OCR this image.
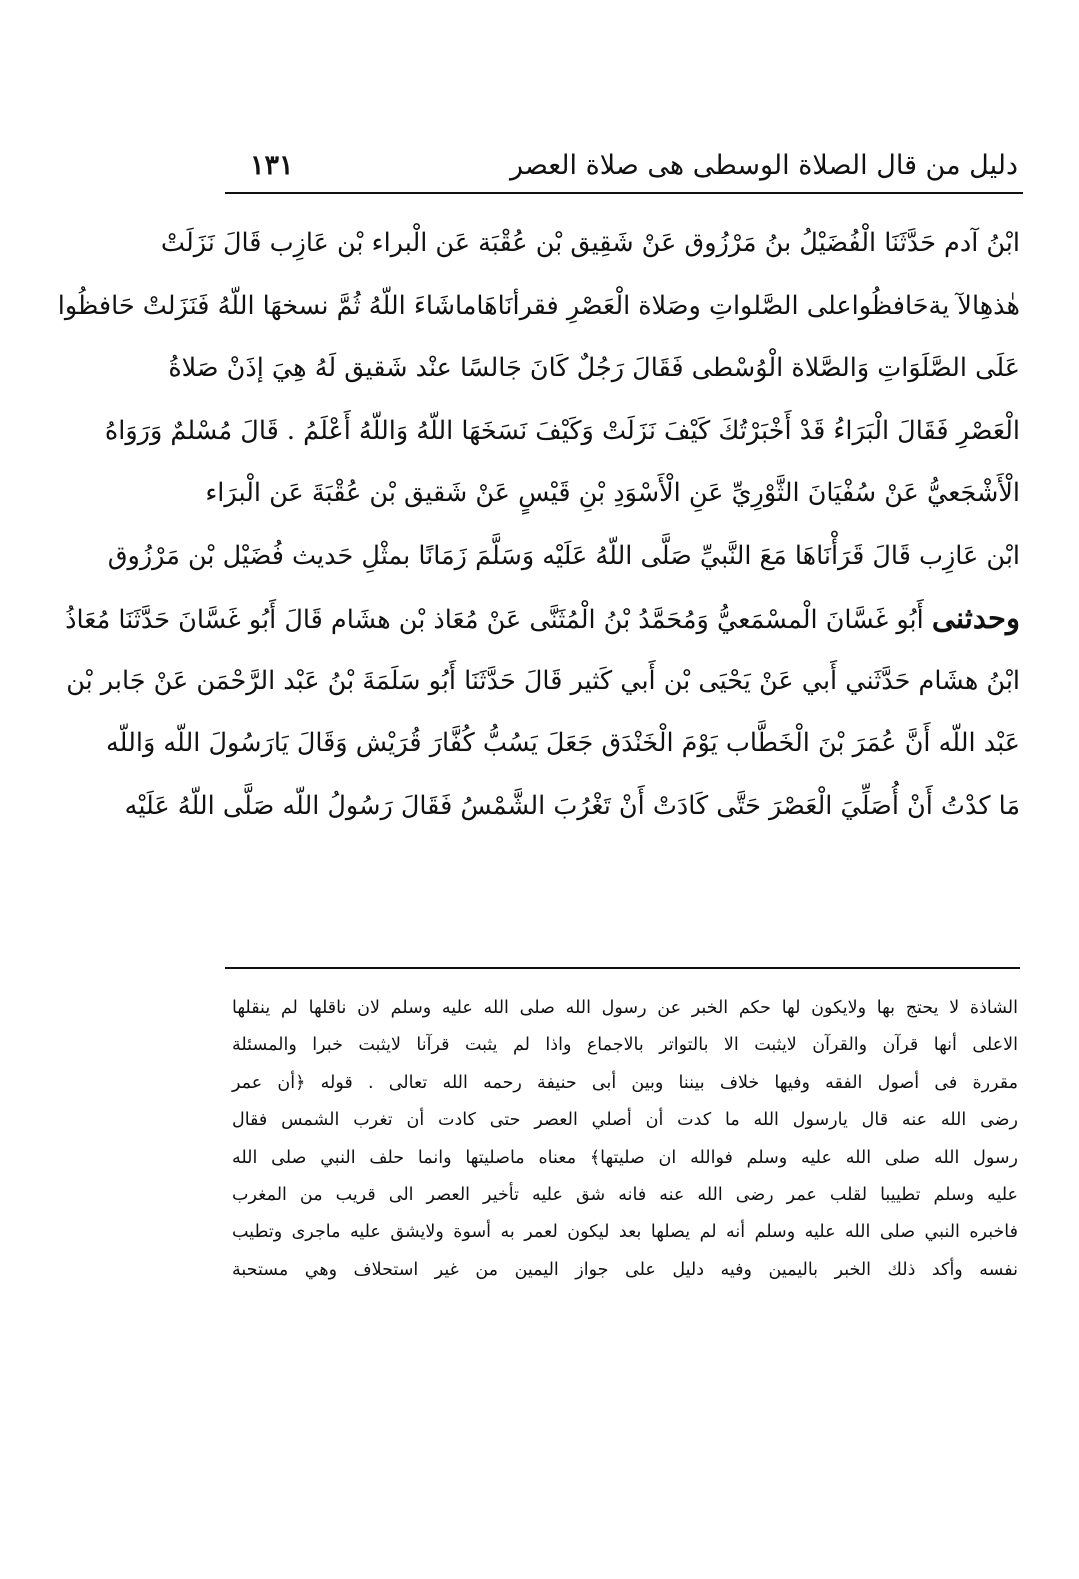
دليل من قال الصلاة الوسطى هى صلاة العصر
١٣١
ابْنُ آدم حَدَّثَنَا الْفُضَيْلُ بنُ مَرْزُوق عَنْ شَقِيق بْن عُقْبَة عَن الْبراء بْن عَازِب قَالَ نَزَلَتْ
هٰذهِالآ يةحَافظُواعلى الصَّلواتِ وصَلاة الْعَصْرِ فقرأنَاهَاماشَاءَ اللّهُ ثُمَّ نسخهَا اللّهُ فَنَزَلتْ حَافظُوا
عَلَى الصَّلَوَاتِ وَالصَّلاة الْوُسْطى فَقَالَ رَجُلٌ كَانَ جَالسًا عنْد شَقيق لَهُ هِيَ إذَنْ صَلاةُ
الْعَصْرِ فَقَالَ الْبَرَاءُ قَدْ أَخْبَرْتُكَ كَيْفَ نَزَلَتْ وَكَيْفَ نَسَخَهَا اللّهُ وَاللّهُ أَعْلَمُ . قَالَ مُسْلمٌ وَرَوَاهُ
الْأَشْجَعيُّ عَنْ سُفْيَانَ الثَّوْرِيِّ عَنِ الْأَسْوَدِ بْنِ قَيْسٍ عَنْ شَقيق بْن عُقْبَةَ عَن الْبرَاء
ابْن عَازِب قَالَ قَرَأْنَاهَا مَعَ النَّبيِّ صَلَّى اللّهُ عَلَيْه وَسَلَّمَ زَمَانًا بمثْلِ حَديث فُضَيْل بْن مَرْزُوق
وحدثنى أَبُو غَسَّانَ الْمسْمَعيُّ وَمُحَمَّدُ بْنُ الْمُثَنَّى عَنْ مُعَاذ بْن هشَام قَالَ أَبُو غَسَّانَ حَدَّثَنَا مُعَاذُ
ابْنُ هشَام حَدَّثَني أَبي عَنْ يَحْيَى بْن أَبي كَثير قَالَ حَدَّثَنَا أَبُو سَلَمَةَ بْنُ عَبْد الرَّحْمَن عَنْ جَابر بْن
عَبْد اللّه أَنَّ عُمَرَ بْنَ الْخَطَّاب يَوْمَ الْخَنْدَق جَعَلَ يَسُبُّ كُفَّارَ قُرَيْش وَقَالَ يَارَسُولَ اللّه وَاللّه
مَا كدْتُ أَنْ أُصَلِّيَ الْعَصْرَ حَتَّى كَادَتْ أَنْ تَغْرُبَ الشَّمْسُ فَقَالَ رَسُولُ اللّه صَلَّى اللّهُ عَلَيْه
الشاذة لا يحتج بها ولايكون لها حكم الخبر عن رسول الله صلى الله عليه وسلم لان ناقلها لم ينقلها
الاعلى أنها قرآن والقرآن لايثبت الا بالتواتر بالاجماع واذا لم يثبت قرآنا لايثبت خبرا والمسئلة
مقررة فى أصول الفقه وفيها خلاف بيننا وبين أبى حنيفة رحمه الله تعالى . قوله ﴿أن عمر
رضى الله عنه قال يارسول الله ما كدت أن أصلي العصر حتى كادت أن تغرب الشمس فقال
رسول الله صلى الله عليه وسلم فوالله ان صليتها﴾ معناه ماصليتها وانما حلف النبي صلى الله
عليه وسلم تطييبا لقلب عمر رضى الله عنه فانه شق عليه تأخير العصر الى قريب من المغرب
فاخبره النبي صلى الله عليه وسلم أنه لم يصلها بعد ليكون لعمر به أسوة ولايشق عليه ماجرى وتطيب
نفسه وأكد ذلك الخبر باليمين وفيه دليل على جواز اليمين من غير استحلاف وهي مستحبة
